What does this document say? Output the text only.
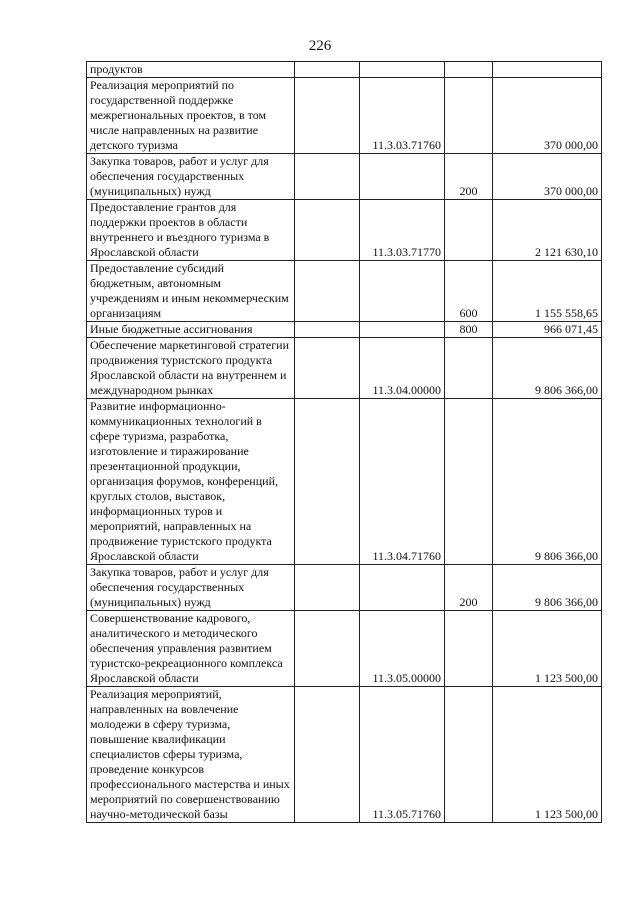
226
продуктов				
Реализация мероприятий по государственной поддержке межрегиональных проектов, в том числе направленных на развитие детского туризма		11.3.03.71760		370 000,00
Закупка товаров, работ и услуг для обеспечения государственных (муниципальных) нужд			200	370 000,00
Предоставление грантов для поддержки проектов в области внутреннего и въездного туризма в Ярославской области		11.3.03.71770		2 121 630,10
Предоставление субсидий бюджетным, автономным учреждениям и иным некоммерческим организациям			600	1 155 558,65
Иные бюджетные ассигнования			800	966 071,45
Обеспечение маркетинговой стратегии продвижения туристского продукта Ярославской области на внутреннем и международном рынках		11.3.04.00000		9 806 366,00
Развитие информационно-коммуникационных технологий в сфере туризма, разработка, изготовление и тиражирование презентационной продукции, организация форумов, конференций, круглых столов, выставок, информационных туров и мероприятий, направленных на продвижение туристского продукта Ярославской области		11.3.04.71760		9 806 366,00
Закупка товаров, работ и услуг для обеспечения государственных (муниципальных) нужд			200	9 806 366,00
Совершенствование кадрового, аналитического и методического обеспечения управления развитием туристско-рекреационного комплекса Ярославской области		11.3.05.00000		1 123 500,00
Реализация мероприятий, направленных на вовлечение молодежи в сферу туризма, повышение квалификации специалистов сферы туризма, проведение конкурсов профессионального мастерства и иных мероприятий по совершенствованию научно-методической базы		11.3.05.71760		1 123 500,00
